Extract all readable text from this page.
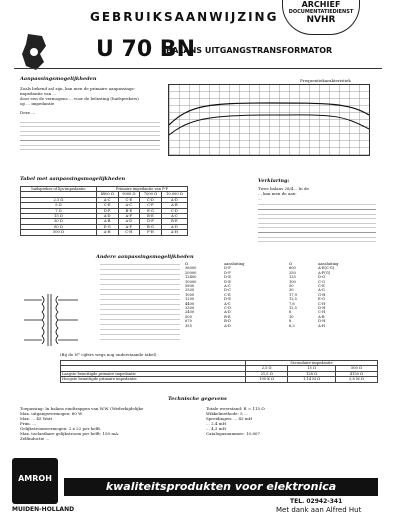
GEBRUIKSAANWIJZING
ARCHIEF
DOCUMENTATIEDIENST
NVHR
U 70 BN
BALANS UITGANGSTRANSFORMATOR
Aanpassingsmogelijkheden
Zoals bekend zal zijn, kan men de primaire aanpassings-
impedantie van ...
door een de vermogens ... voor de belasting (luidsprekers)
op ... impedantie
Deze ...
Frequentiekarakteristiek
Tabel met aanpassingsmogelijkheden
luidspreker of lijn-impedantie	Primaire impedantie van P-P			
	4800 Ω	9000 Ω	7000 Ω	10.000 Ω
2,5 Ω	A-C	C-E	C-D	A-D
5 Ω	C-E	A-C	C-F	A-B
7 Ω	D-F	B-E	E-G	C-D
15 Ω	A-D	A-F	B-E	A-C
30 Ω	A-B	A-D	D-F	B-E
60 Ω	D-G	A-F	B-G	A-D
500 Ω	A-H	C-H	F-H	A-H
Verklaring:
Twee balans 28/4... In de
... kan men de aan-
...
Andere aanpassingsmogelijkheden
Ω	aansluiting	Ω	aansluiting
36000	D-F	600	A-E(C-G)
20000	D-F	250	A-F(G)
12400	D-E	125	D-G
10000	D-E	100	C-G
5800	A-C	50	C-E
2500	D-C	30	A-G
1000	C-E	17,9	G-H
1200	D-E	12,5	E-G
4400	A-C	7,8	C-H
3300	C-D	12,5	D-H
2400	A-D	8	C-H
500	B-E	10	A-B
670	B-D	8	D-H
355	A-D	6,3	A-H
(Bij de N° cijfers wegs nog onderstaande tabel)
	Secundaire impedantie		
	2,5 Ω	15 Ω	500 Ω
Laagste benuttigde primaire impedantie	21,5 Ω	128 Ω	4150 Ω
Hoogste benuttigde primaire impedantie	190 K Ω	1,14 M Ω	5,8 M Ω
Technische gegevens
Toepassing: In balans eindtrappen van W.W. (Wederkijdelijke
Max. uitgangsvermogen: 60 W
Max. ... 45 Watt
Prim. ...
Gelijkstroomvermogen: 2 x 22 per helft.
Max. toelaatbare gelijkstroom per helft: 150 mA.
Zelfinductie ...
Totale weerstand: R = 115 Ω
Wikkelmethode: 5 ...
Spreidingen: ... 43 mH
... 2,4 mH
... 4,3 mH
Catalogusnummer: 10.807
AMROH
kwaliteitsprodukten voor elektronica
MUIDEN-HOLLAND
TEL. 02942-341
Met dank aan Alfred Hut
